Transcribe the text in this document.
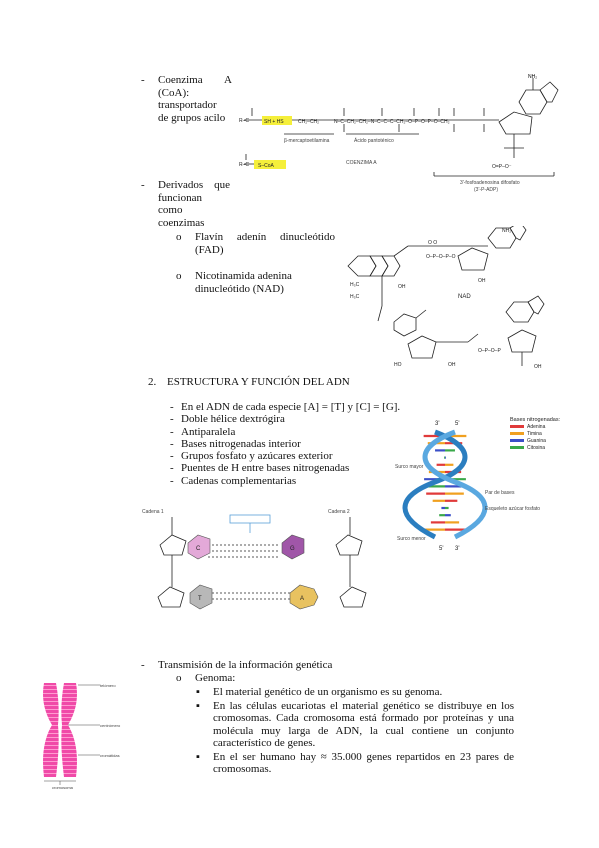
- Coenzima A
(CoA):
transportador
de grupos acilo	R–C
R–C
SH + HS
S–CoA
CH₂–CH₂	N–C–CH₂–CH₂–N–C–C–C–CH₂–O–P–O–P–O–CH₂
NH₂
β-mercaptoetilamina	Ácido pantoténico
COENZIMA A
3'-fosfoadenosina difosfato
(3'-P-ADP)
O=P–O⁻
- Derivados que
funcionan
como coenzimas
o Flavín adenín dinucleótido
(FAD)
o Nicotinamida adenina
dinucleótido (NAD)	H₃C
H₃C
O O
O–P–O–P–O
OH
OH
HO	OH
O–P–O–P
OH
NH₂
NAD
2. ESTRUCTURA Y FUNCIÓN DEL ADN
- En el ADN de cada especie [A] = [T] y [C] = [G].
- Doble hélice dextrógira
- Antiparalela
- Bases nitrogenadas interior
- Grupos fosfato y azúcares exterior
- Puentes de H entre bases nitrogenadas
- Cadenas complementarias
Bases nitrogenadas:
Adenina
Timina
Guanina
Citosina
3'	5'
5' 3'
Surco mayor
Par de bases
Esqueleto azúcar fosfato
Surco menor
Cadena 1	Cadena 2
C	G
T	A
- Transmisión de la información genética
o Genoma:
▪	El material genético de un organismo es su genoma.
▪	En las células eucariotas el material genético se distribuye en los cromosomas. Cada cromosoma está formado por proteínas y una molécula muy larga de ADN, la cual contiene un conjunto característico de genes.
▪	En el ser humano hay ≈ 35.000 genes repartidos en 23 pares de cromosomas.
telómero
centrómero
cromátidas
cromosoma
